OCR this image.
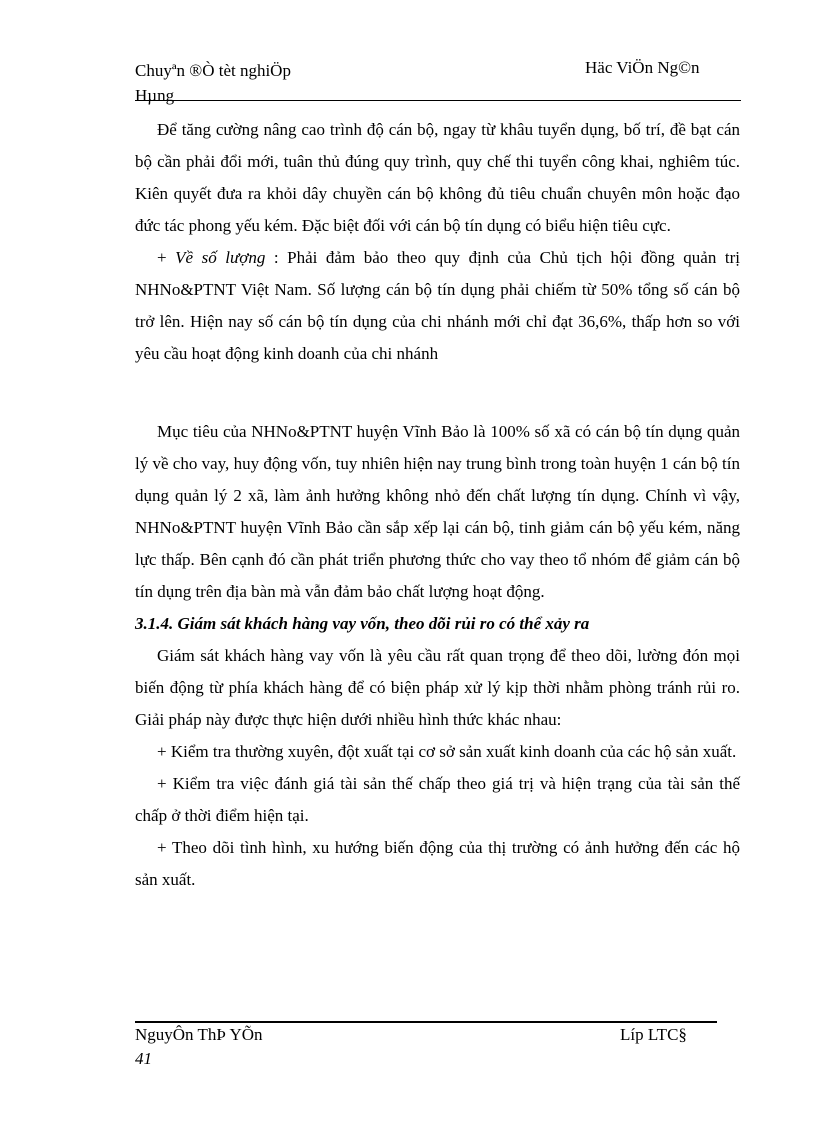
Chuyªn ®Ò tèt nghiÖp
Hµng
Häc ViÖn Ng©n

Để tăng cường nâng cao trình độ cán bộ, ngay từ khâu tuyển dụng, bố trí, đề bạt cán bộ cần phải đổi mới, tuân thủ đúng quy trình, quy chế thi tuyển công khai, nghiêm túc. Kiên quyết đưa ra khỏi dây chuyền cán bộ không đủ tiêu chuẩn chuyên môn hoặc đạo đức tác phong yếu kém. Đặc biệt đối với cán bộ tín dụng có biểu hiện tiêu cực.

+ Về số lượng : Phải đảm bảo theo quy định của Chủ tịch hội đồng quản trị NHNo&PTNT Việt Nam. Số lượng cán bộ tín dụng phải chiếm từ 50% tổng số cán bộ trở lên. Hiện nay số cán bộ tín dụng của chi nhánh mới chỉ đạt 36,6%, thấp hơn so với yêu cầu hoạt động kinh doanh của chi nhánh

Mục tiêu của NHNo&PTNT huyện Vĩnh Bảo là 100% số xã có cán bộ tín dụng quản lý về cho vay, huy động vốn, tuy nhiên hiện nay trung bình trong toàn huyện 1 cán bộ tín dụng quản lý 2 xã, làm ảnh hưởng không nhỏ đến chất lượng tín dụng. Chính vì vậy, NHNo&PTNT huyện Vĩnh Bảo cần sắp xếp lại cán bộ, tinh giảm cán bộ yếu kém, năng lực thấp. Bên cạnh đó cần phát triển phương thức cho vay theo tổ nhóm để giảm cán bộ tín dụng trên địa bàn mà vẫn đảm bảo chất lượng hoạt động.

3.1.4. Giám sát khách hàng vay vốn, theo dõi rủi ro có thể xảy ra

Giám sát khách hàng vay vốn là yêu cầu rất quan trọng để theo dõi, lường đón mọi biến động từ phía khách hàng để có biện pháp xử lý kịp thời nhằm phòng tránh rủi ro. Giải pháp này được thực hiện dưới nhiều hình thức khác nhau:

+ Kiểm tra thường xuyên, đột xuất tại cơ sở sản xuất kinh doanh của các hộ sản xuất.

+ Kiểm tra việc đánh giá tài sản thế chấp theo giá trị và hiện trạng của tài sản thế chấp ở thời điểm hiện tại.

+ Theo dõi tình hình, xu hướng biến động của thị trường có ảnh hưởng đến các hộ sản xuất.

NguyÔn ThÞ YÕn	Líp LTC§
41
